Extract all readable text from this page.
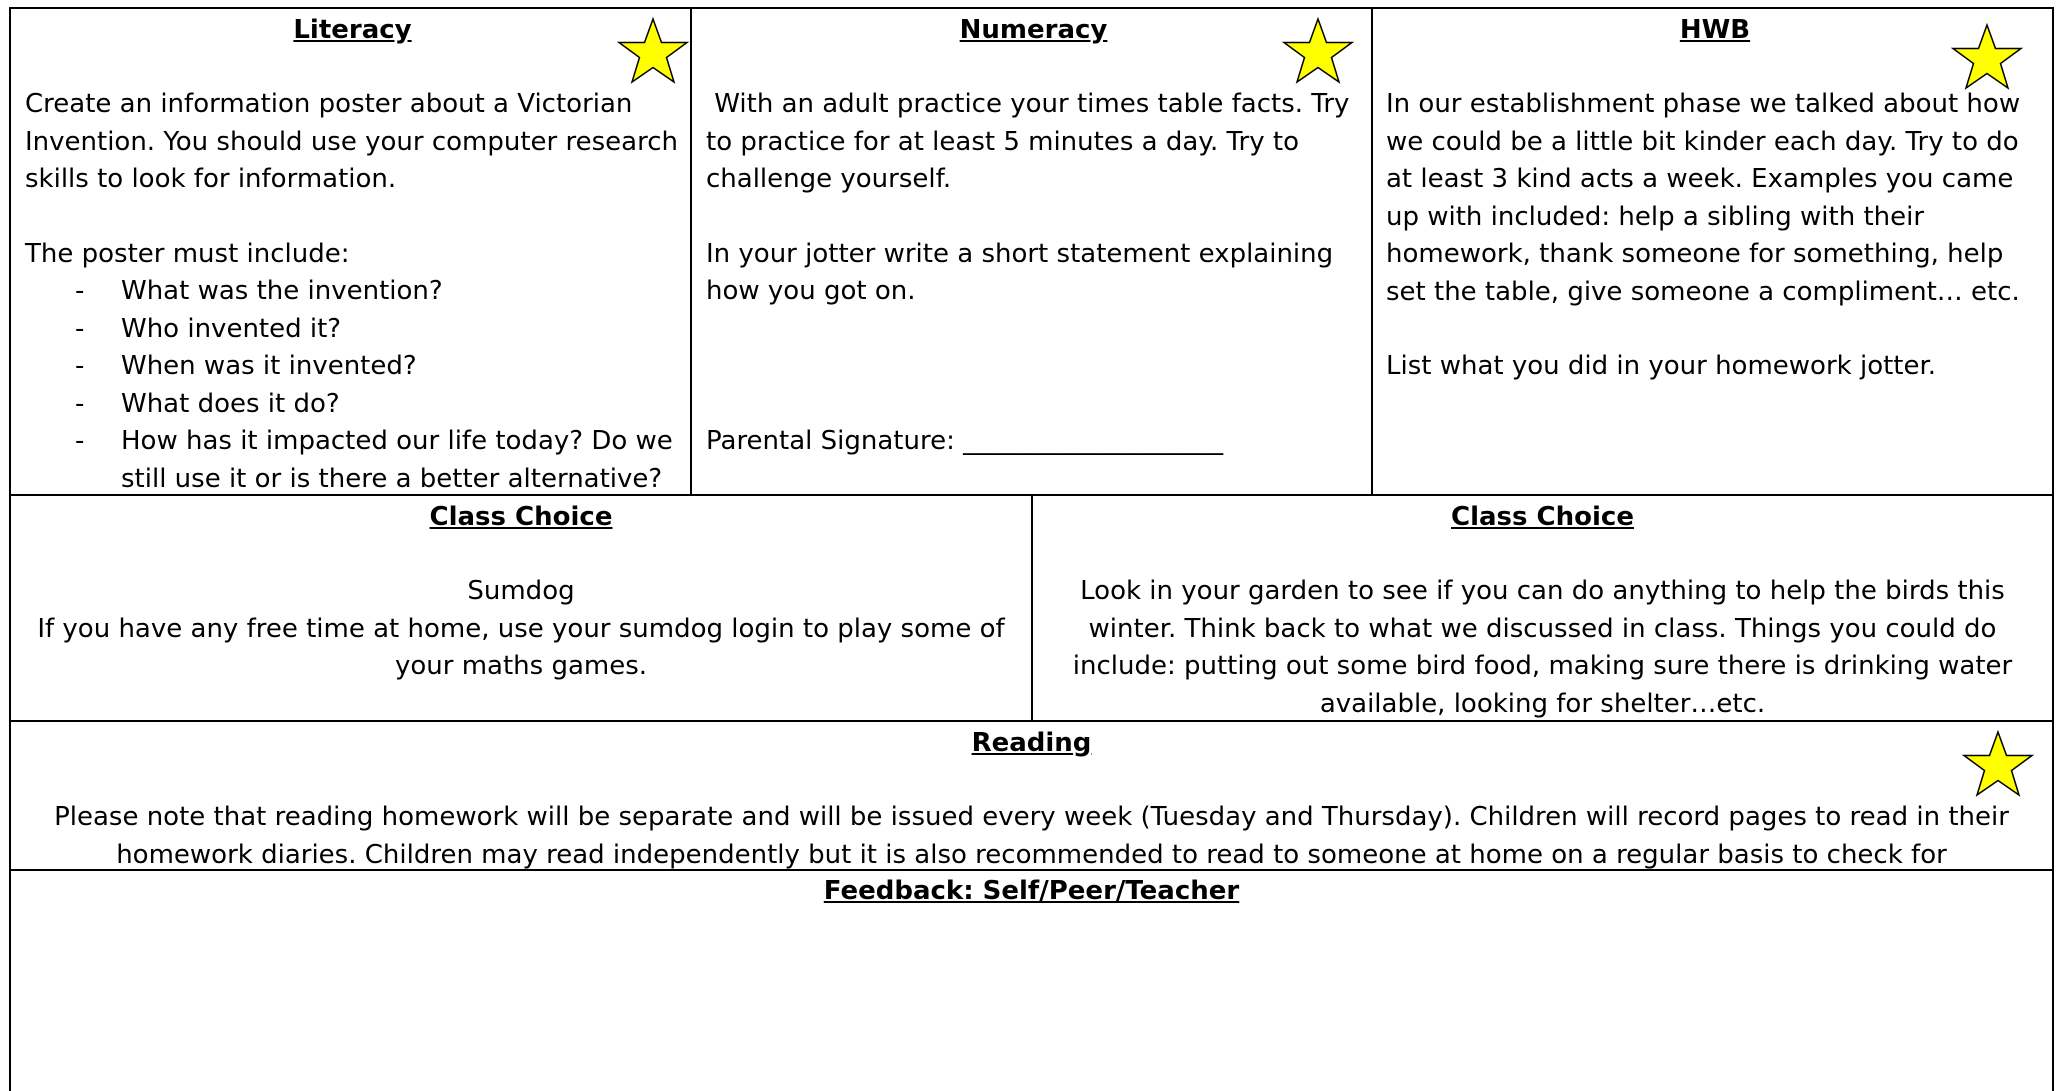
Literacy

Create an information poster about a Victorian Invention. You should use your computer research skills to look for information.

The poster must include:

- What was the invention?
- Who invented it?
- When was it invented?
- What does it do?
- How has it impacted our life today? Do we still use it or is there a better alternative?

Numeracy

With an adult practice your times table facts. Try to practice for at least 5 minutes a day. Try to challenge yourself.

In your jotter write a short statement explaining how you got on.

Parental Signature: ____________________

HWB

In our establishment phase we talked about how we could be a little bit kinder each day. Try to do at least 3 kind acts a week. Examples you came up with included: help a sibling with their homework, thank someone for something, help set the table, give someone a compliment… etc.

List what you did in your homework jotter.

Class Choice

Sumdog

If you have any free time at home, use your sumdog login to play some of your maths games.

Class Choice

Look in your garden to see if you can do anything to help the birds this winter. Think back to what we discussed in class. Things you could do include: putting out some bird food, making sure there is drinking water available, looking for shelter…etc.

Reading

Please note that reading homework will be separate and will be issued every week (Tuesday and Thursday). Children will record pages to read in their homework diaries. Children may read independently but it is also recommended to read to someone at home on a regular basis to check for

Feedback: Self/Peer/Teacher
